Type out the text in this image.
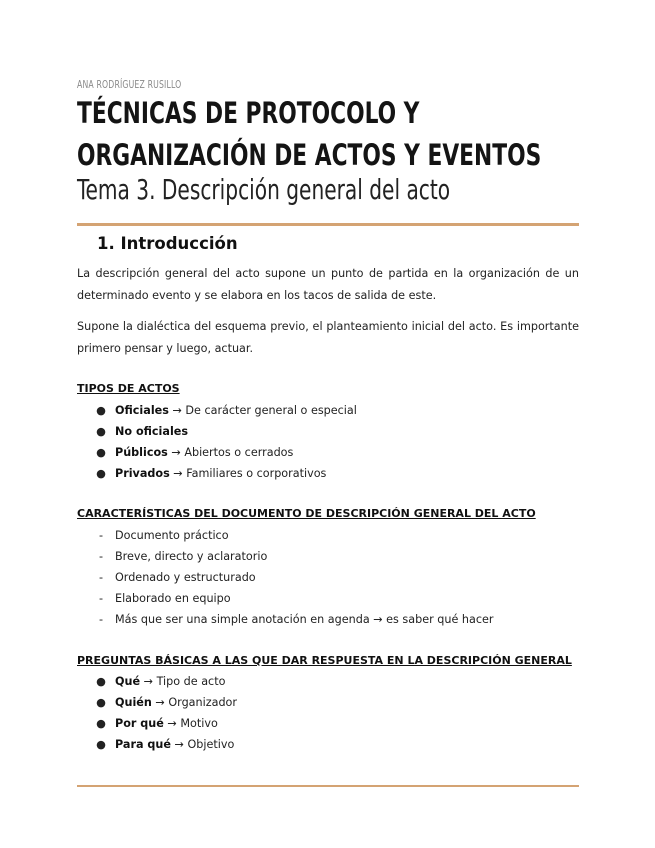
ANA RODRÍGUEZ RUSILLO
TÉCNICAS DE PROTOCOLO Y ORGANIZACIÓN DE ACTOS Y EVENTOS
Tema 3. Descripción general del acto
1. Introducción

La descripción general del acto supone un punto de partida en la organización de un determinado evento y se elabora en los tacos de salida de este.

Supone la dialéctica del esquema previo, el planteamiento inicial del acto. Es importante primero pensar y luego, actuar.

TIPOS DE ACTOS
● Oficiales → De carácter general o especial
● No oficiales
● Públicos → Abiertos o cerrados
● Privados → Familiares o corporativos
CARACTERÍSTICAS DEL DOCUMENTO DE DESCRIPCIÓN GENERAL DEL ACTO
- Documento práctico
- Breve, directo y aclaratorio
- Ordenado y estructurado
- Elaborado en equipo
- Más que ser una simple anotación en agenda → es saber qué hacer
PREGUNTAS BÁSICAS A LAS QUE DAR RESPUESTA EN LA DESCRIPCIÓN GENERAL
● Qué → Tipo de acto
● Quién → Organizador
● Por qué → Motivo
● Para qué → Objetivo
